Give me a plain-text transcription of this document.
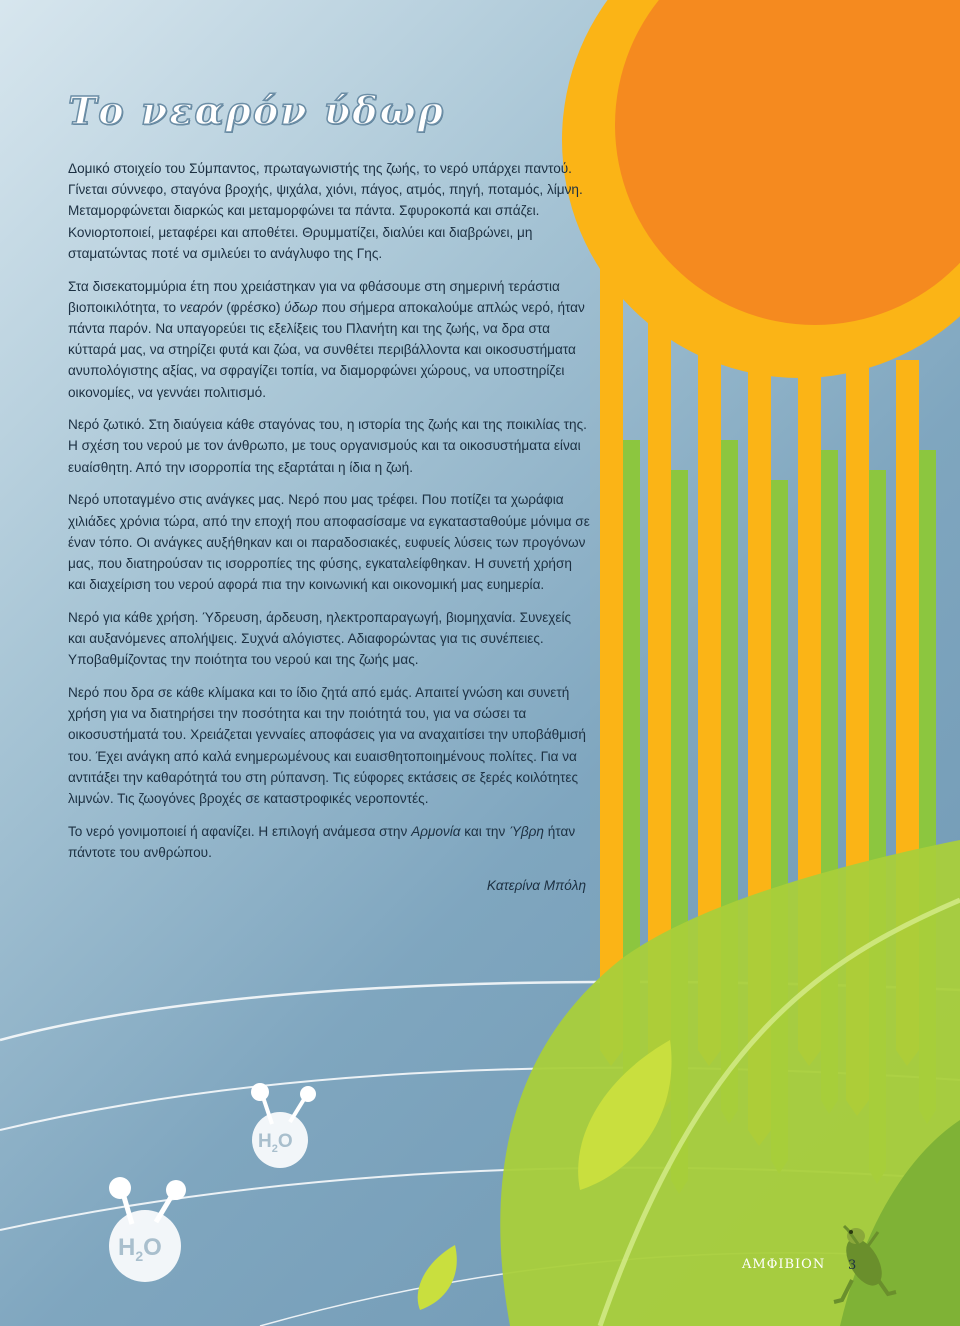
$H_2O$
$H_2O$
Το νεαρόν ύδωρ

Δομικό στοιχείο του Σύμπαντος, πρωταγωνιστής της ζωής, το νερό υπάρχει παντού. Γίνεται σύννεφο, σταγόνα βροχής, ψιχάλα, χιόνι, πάγος, ατμός, πηγή, ποταμός, λίμνη. Μεταμορφώνεται διαρκώς και μεταμορφώνει τα πάντα. Σφυροκοπά και σπάζει. Κονιορτοποιεί, μεταφέρει και αποθέτει. Θρυμματίζει, διαλύει και διαβρώνει, μη σταματώντας ποτέ να σμιλεύει το ανάγλυφο της Γης.

Στα δισεκατομμύρια έτη που χρειάστηκαν για να φθάσουμε στη σημερινή τεράστια βιοποικιλότητα, το νεαρόν (φρέσκο) ύδωρ που σήμερα αποκαλούμε απλώς νερό, ήταν πάντα παρόν. Να υπαγορεύει τις εξελίξεις του Πλανήτη και της ζωής, να δρα στα κύτταρά μας, να στηρίζει φυτά και ζώα, να συνθέτει περιβάλλοντα και οικοσυστήματα ανυπολόγιστης αξίας, να σφραγίζει τοπία, να διαμορφώνει χώρους, να υποστηρίζει οικονομίες, να γεννάει πολιτισμό.

Νερό ζωτικό. Στη διαύγεια κάθε σταγόνας του, η ιστορία της ζωής και της ποικιλίας της. Η σχέση του νερού με τον άνθρωπο, με τους οργανισμούς και τα οικοσυστήματα είναι ευαίσθητη. Από την ισορροπία της εξαρτάται η ίδια η ζωή.

Νερό υποταγμένο στις ανάγκες μας. Νερό που μας τρέφει. Που ποτίζει τα χωράφια χιλιάδες χρόνια τώρα, από την εποχή που αποφασίσαμε να εγκατασταθούμε μόνιμα σε έναν τόπο. Οι ανάγκες αυξήθηκαν και οι παραδοσιακές, ευφυείς λύσεις των προγόνων μας, που διατηρούσαν τις ισορροπίες της φύσης, εγκαταλείφθηκαν. Η συνετή χρήση και διαχείριση του νερού αφορά πια την κοινωνική και οικονομική μας ευημερία.

Νερό για κάθε χρήση. Ύδρευση, άρδευση, ηλεκτροπαραγωγή, βιομηχανία. Συνεχείς και αυξανόμενες απολήψεις. Συχνά αλόγιστες. Αδιαφορώντας για τις συνέπειες. Υποβαθμίζοντας την ποιότητα του νερού και της ζωής μας.

Νερό που δρα σε κάθε κλίμακα και το ίδιο ζητά από εμάς. Απαιτεί γνώση και συνετή χρήση για να διατηρήσει την ποσότητα και την ποιότητά του, για να σώσει τα οικοσυστήματά του. Χρειάζεται γενναίες αποφάσεις για να αναχαιτίσει την υποβάθμισή του. Έχει ανάγκη από καλά ενημερωμένους και ευαισθητοποιημένους πολίτες. Για να αντιτάξει την καθαρότητά του στη ρύπανση. Τις εύφορες εκτάσεις σε ξερές κοιλότητες λιμνών. Τις ζωογόνες βροχές σε καταστροφικές νεροποντές.

Το νερό γονιμοποιεί ή αφανίζει. Η επιλογή ανάμεσα στην Αρμονία και την Ύβρη ήταν πάντοτε του ανθρώπου.

Κατερίνα Μπόλη

ΑΜΦΙΒΙΟΝ 3
